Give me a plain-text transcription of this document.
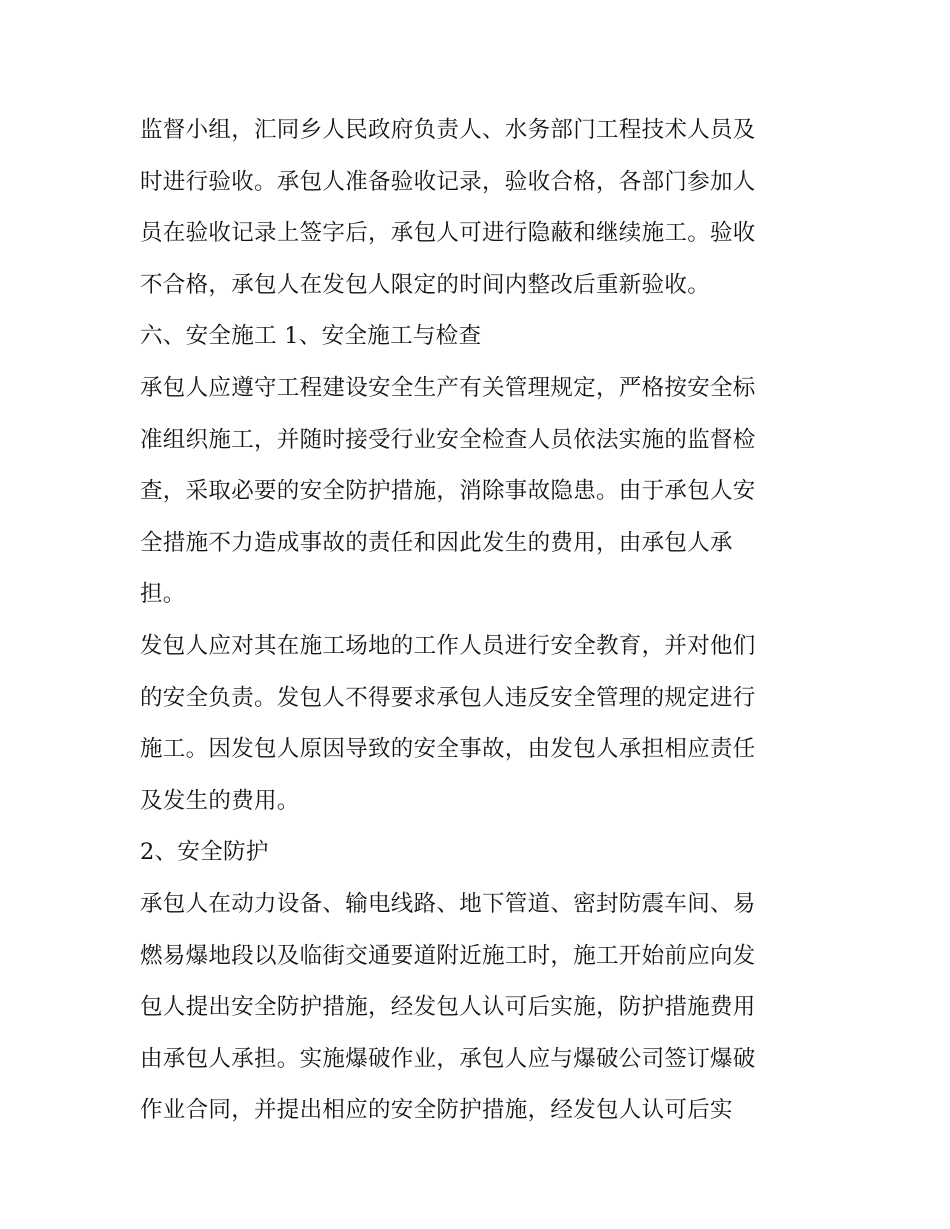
监督小组，汇同乡人民政府负责人、水务部门工程技术人员及
时进行验收。承包人准备验收记录，验收合格，各部门参加人
员在验收记录上签字后，承包人可进行隐蔽和继续施工。验收
不合格，承包人在发包人限定的时间内整改后重新验收。
六、安全施工 1、安全施工与检查
承包人应遵守工程建设安全生产有关管理规定，严格按安全标
准组织施工，并随时接受行业安全检查人员依法实施的监督检
查，采取必要的安全防护措施，消除事故隐患。由于承包人安
全措施不力造成事故的责任和因此发生的费用，由承包人承
担。
发包人应对其在施工场地的工作人员进行安全教育，并对他们
的安全负责。发包人不得要求承包人违反安全管理的规定进行
施工。因发包人原因导致的安全事故，由发包人承担相应责任
及发生的费用。
2、安全防护
承包人在动力设备、输电线路、地下管道、密封防震车间、易
燃易爆地段以及临街交通要道附近施工时，施工开始前应向发
包人提出安全防护措施，经发包人认可后实施，防护措施费用
由承包人承担。实施爆破作业，承包人应与爆破公司签订爆破
作业合同，并提出相应的安全防护措施，经发包人认可后实
